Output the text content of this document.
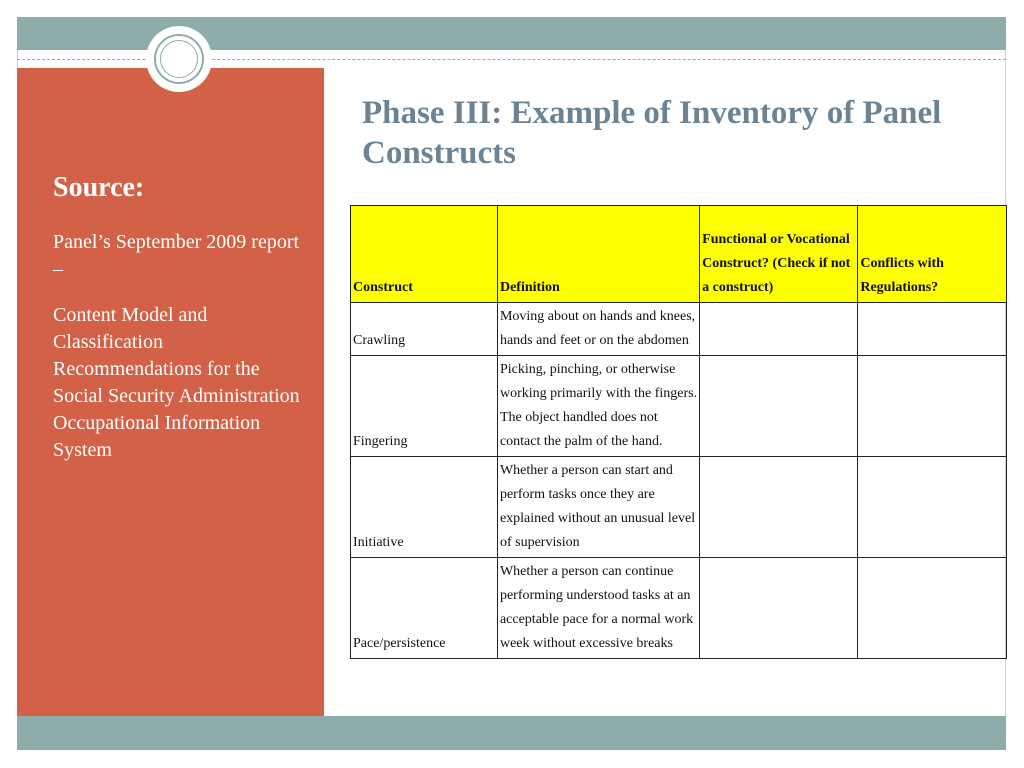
Source:

Panel’s September 2009 report –

Content Model and Classification Recommendations for the Social Security Administration Occupational Information System

Phase III: Example of Inventory of Panel Constructs
Construct	Definition	Functional or Vocational Construct? (Check if not a construct)	Conflicts with Regulations?
Crawling	Moving about on hands and knees, hands and feet or on the abdomen		
Fingering	Picking, pinching, or otherwise working primarily with the fingers. The object handled does not contact the palm of the hand.		
Initiative	Whether a person can start and perform tasks once they are explained without an unusual level of supervision		
Pace/persistence	Whether a person can continue performing understood tasks at an acceptable pace for a normal work week without excessive breaks		
